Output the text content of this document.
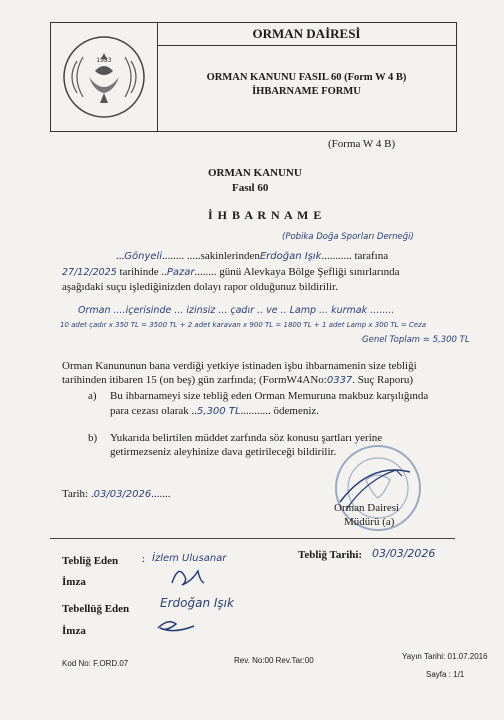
1983
ORMAN DAİRESİ
ORMAN KANUNU FASIL 60 (Form W 4 B)
İHBARNAME FORMU
(Forma W 4 B)
ORMAN KANUNU
Fasıl 60
İ H B A R N A M E
(Pobika Doğa Sporları Derneği)
...Gönyeli........ .....sakinlerindenErdoğan Işık........... tarafına
27/12/2025 tarihinde ..Pazar........ günü Alevkaya Bölge Şefliği sınırlarında
aşağıdaki suçu işlediğinizden dolayı rapor olduğunuz bildirilir.
Orman ....içerisinde ... izinsiz ... çadır .. ve .. Lamp ... kurmak ........
10 adet çadır x 350 TL = 3500 TL + 2 adet karavan x 900 TL = 1800 TL + 1 adet Lamp x 300 TL = Ceza
Genel Toplam = 5,300 TL
Orman Kanununun bana verdiği yetkiye istinaden işbu ihbarnamenin size tebliği
tarihinden itibaren 15 (on beş) gün zarfında; (FormW4ANo:0337. Suç Raporu)
a) Bu ihbarnameyi size tebliğ eden Orman Memuruna makbuz karşılığında
para cezası olarak ..5,300 TL........... ödemeniz.
b) Yukarıda belirtilen müddet zarfında söz konusu şartları yerine
getirmezseniz aleyhinize dava getirileceği bildirilir.
Tarih: .03/03/2026.......
Orman Dairesi
Müdürü (a)
Tebliğ Eden : İzlem Ulusanar	Tebliğ Tarihi: 03/03/2026
İmza
Tebellüğ Eden	Erdoğan Işık
İmza
Kod No: F.ORD.07	Rev. No:00 Rev.Tar:00	Yayın Tarihi: 01.07.2016
Sayfa : 1/1
